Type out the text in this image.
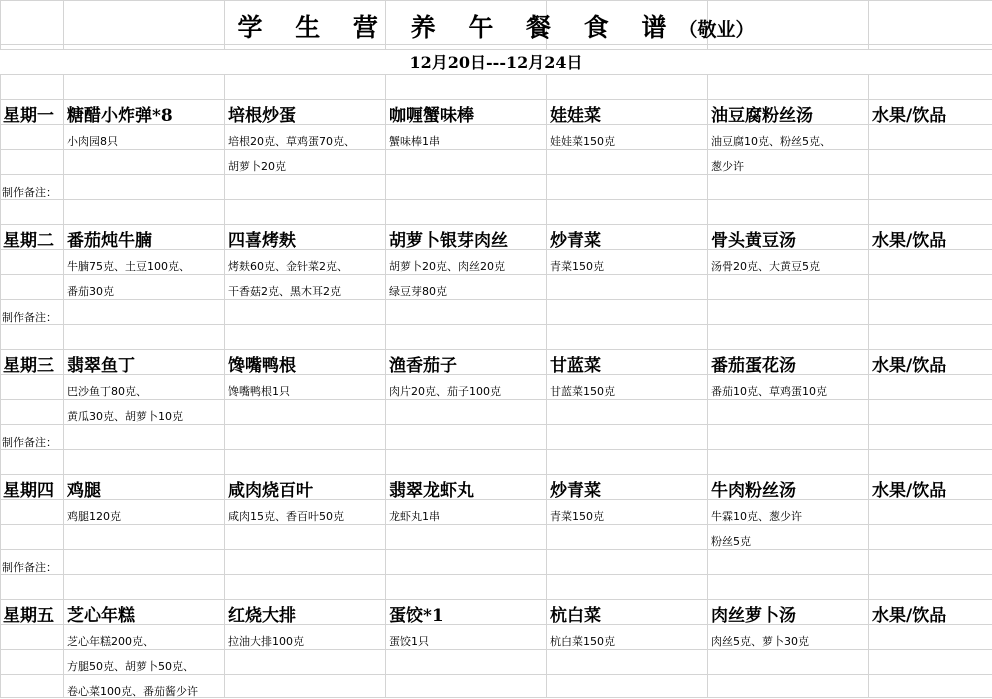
学 生 营 养 午 餐 食 谱（敬业）
12月20日---12月24日
星期一 糖醋小炸弹*8
小肉园8只
培根炒蛋
培根20克、草鸡蛋70克、
胡萝卜20克
咖喱蟹味棒
蟹味棒1串
娃娃菜
娃娃菜150克
油豆腐粉丝汤
油豆腐10克、粉丝5克、
葱少许
水果/饮品
制作备注：
星期二 番茄炖牛腩
牛腩75克、土豆100克、
番茄30克
四喜烤麸
烤麸60克、金针菜2克、
干香菇2克、黑木耳2克
胡萝卜银芽肉丝
胡萝卜20克、肉丝20克
绿豆芽80克
炒青菜
青菜150克
骨头黄豆汤
汤骨20克、大黄豆5克
水果/饮品
制作备注：
星期三 翡翠鱼丁
巴沙鱼丁80克、
黄瓜30克、胡萝卜10克
馋嘴鸭根
馋嘴鸭根1只
渔香茄子
肉片20克、茄子100克
甘蓝菜
甘蓝菜150克
番茄蛋花汤
番茄10克、草鸡蛋10克
水果/饮品
制作备注：
星期四 鸡腿
鸡腿120克
咸肉烧百叶
咸肉15克、香百叶50克
翡翠龙虾丸
龙虾丸1串
炒青菜
青菜150克
牛肉粉丝汤
牛霖10克、葱少许
粉丝5克
水果/饮品
制作备注：
星期五 芝心年糕
芝心年糕200克、
方腿50克、胡萝卜50克、
卷心菜100克、番茄酱少许
红烧大排
拉油大排100克
蛋饺*1
蛋饺1只
杭白菜
杭白菜150克
肉丝萝卜汤
肉丝5克、萝卜30克
水果/饮品
